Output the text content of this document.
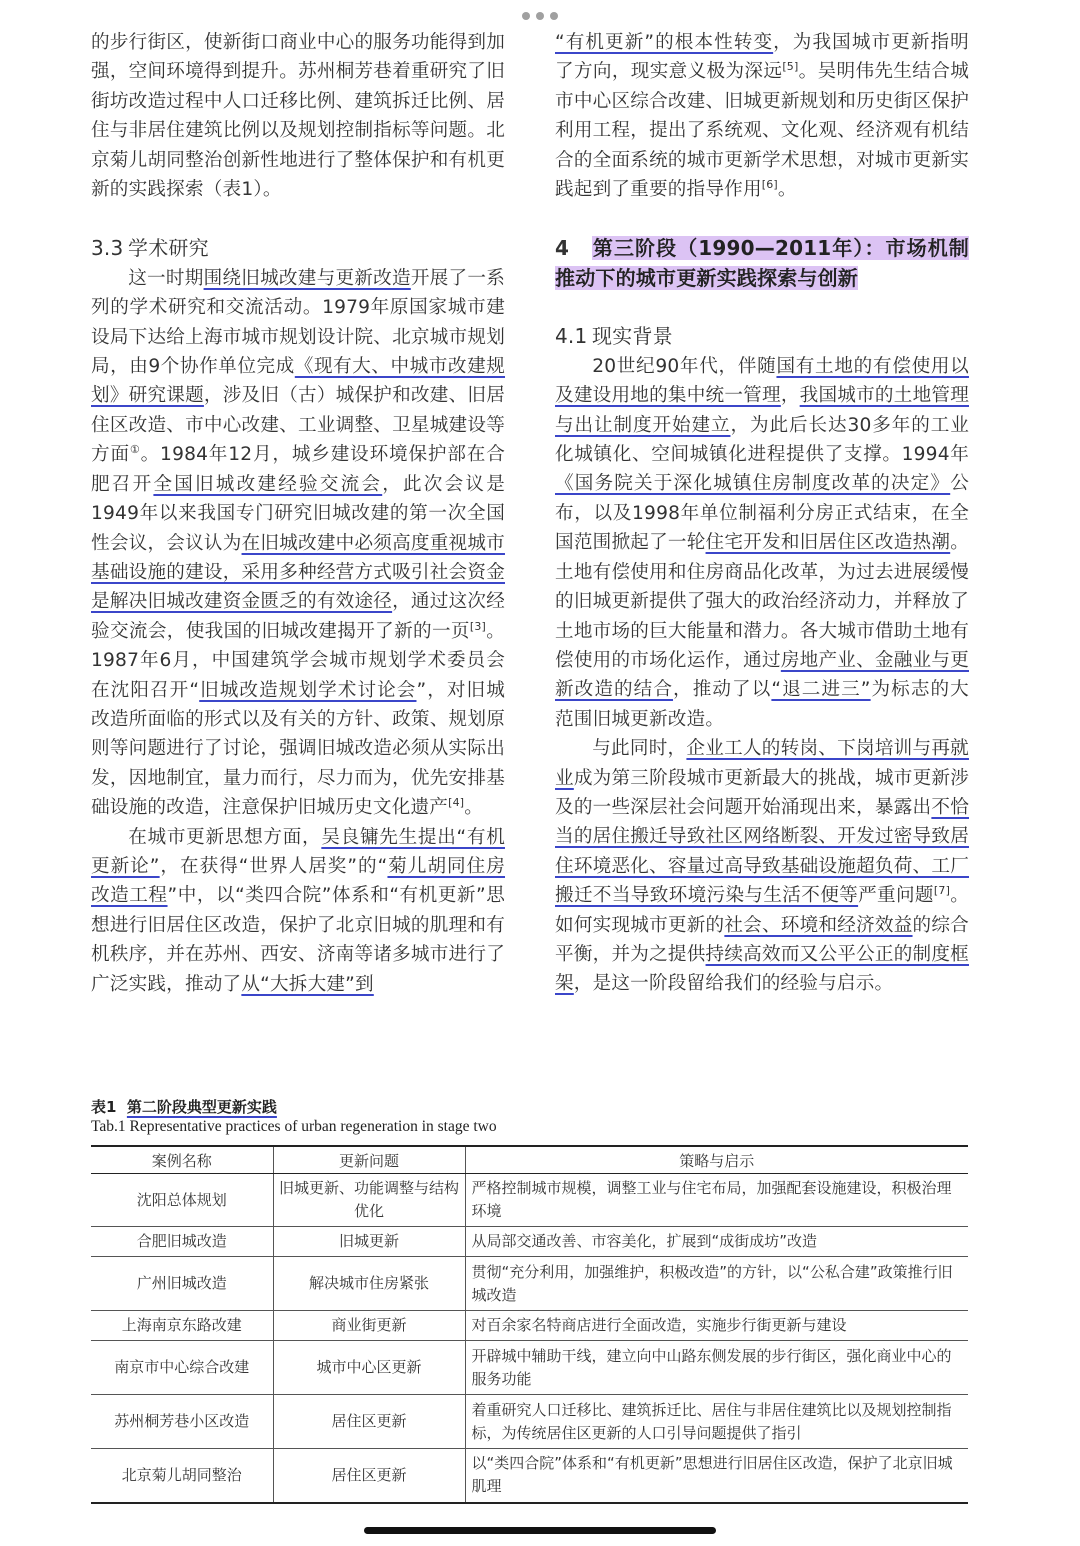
的步行街区，使新街口商业中心的服务功能得到加强，空间环境得到提升。苏州桐芳巷着重研究了旧街坊改造过程中人口迁移比例、建筑拆迁比例、居住与非居住建筑比例以及规划控制指标等问题。北京菊儿胡同整治创新性地进行了整体保护和有机更新的实践探索（表1）。

3.3 学术研究

这一时期围绕旧城改建与更新改造开展了一系列的学术研究和交流活动。1979年原国家城市建设局下达给上海市城市规划设计院、北京城市规划局，由9个协作单位完成《现有大、中城市改建规划》研究课题，涉及旧（古）城保护和改建、旧居住区改造、市中心改建、工业调整、卫星城建设等方面①。1984年12月，城乡建设环境保护部在合肥召开全国旧城改建经验交流会，此次会议是1949年以来我国专门研究旧城改建的第一次全国性会议，会议认为在旧城改建中必须高度重视城市基础设施的建设，采用多种经营方式吸引社会资金是解决旧城改建资金匮乏的有效途径，通过这次经验交流会，使我国的旧城改建揭开了新的一页[3]。1987年6月，中国建筑学会城市规划学术委员会在沈阳召开“旧城改造规划学术讨论会”，对旧城改造所面临的形式以及有关的方针、政策、规划原则等问题进行了讨论，强调旧城改造必须从实际出发，因地制宜，量力而行，尽力而为，优先安排基础设施的改造，注意保护旧城历史文化遗产[4]。

在城市更新思想方面，吴良镛先生提出“有机更新论”，在获得“世界人居奖”的“菊儿胡同住房改造工程”中，以“类四合院”体系和“有机更新”思想进行旧居住区改造，保护了北京旧城的肌理和有机秩序，并在苏州、西安、济南等诸多城市进行了广泛实践，推动了从“大拆大建”到

“有机更新”的根本性转变，为我国城市更新指明了方向，现实意义极为深远[5]。吴明伟先生结合城市中心区综合改建、旧城更新规划和历史街区保护利用工程，提出了系统观、文化观、经济观有机结合的全面系统的城市更新学术思想，对城市更新实践起到了重要的指导作用[6]。

4 第三阶段（1990—2011年）：市场机制推动下的城市更新实践探索与创新
4.1 现实背景

20世纪90年代，伴随国有土地的有偿使用以及建设用地的集中统一管理，我国城市的土地管理与出让制度开始建立，为此后长达30多年的工业化城镇化、空间城镇化进程提供了支撑。1994年《国务院关于深化城镇住房制度改革的决定》公布，以及1998年单位制福利分房正式结束，在全国范围掀起了一轮住宅开发和旧居住区改造热潮。土地有偿使用和住房商品化改革，为过去进展缓慢的旧城更新提供了强大的政治经济动力，并释放了土地市场的巨大能量和潜力。各大城市借助土地有偿使用的市场化运作，通过房地产业、金融业与更新改造的结合，推动了以“退二进三”为标志的大范围旧城更新改造。

与此同时，企业工人的转岗、下岗培训与再就业成为第三阶段城市更新最大的挑战，城市更新涉及的一些深层社会问题开始涌现出来，暴露出不恰当的居住搬迁导致社区网络断裂、开发过密导致居住环境恶化、容量过高导致基础设施超负荷、工厂搬迁不当导致环境污染与生活不便等严重问题[7]。如何实现城市更新的社会、环境和经济效益的综合平衡，并为之提供持续高效而又公平公正的制度框架，是这一阶段留给我们的经验与启示。

表1 第二阶段典型更新实践
Tab.1 Representative practices of urban regeneration in stage two
案例名称	更新问题	策略与启示
沈阳总体规划	旧城更新、功能调整与结构优化	严格控制城市规模，调整工业与住宅布局，加强配套设施建设，积极治理环境
合肥旧城改造	旧城更新	从局部交通改善、市容美化，扩展到“成街成坊”改造
广州旧城改造	解决城市住房紧张	贯彻“充分利用，加强维护，积极改造”的方针，以“公私合建”政策推行旧城改造
上海南京东路改建	商业街更新	对百余家名特商店进行全面改造，实施步行街更新与建设
南京市中心综合改建	城市中心区更新	开辟城中辅助干线，建立向中山路东侧发展的步行街区，强化商业中心的服务功能
苏州桐芳巷小区改造	居住区更新	着重研究人口迁移比、建筑拆迁比、居住与非居住建筑比以及规划控制指标，为传统居住区更新的人口引导问题提供了指引
北京菊儿胡同整治	居住区更新	以“类四合院”体系和“有机更新”思想进行旧居住区改造，保护了北京旧城肌理
